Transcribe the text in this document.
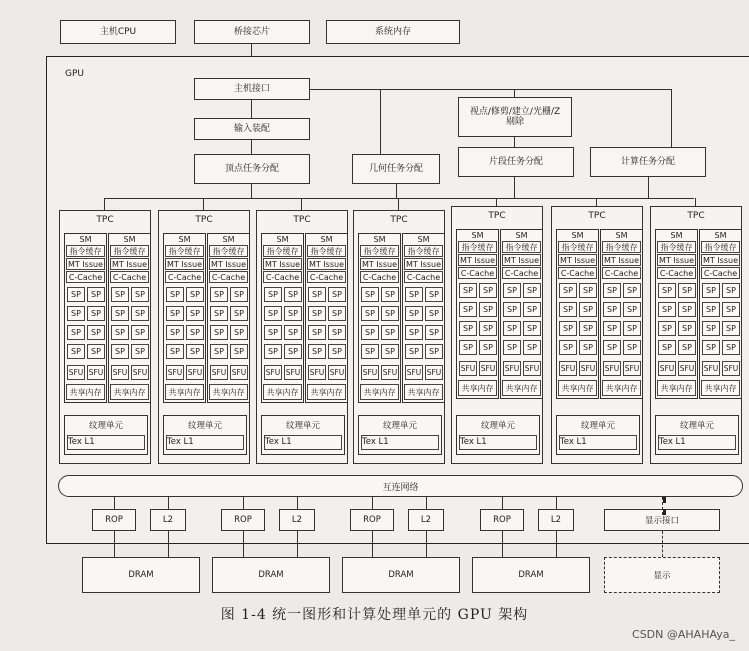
主机CPU	桥接芯片	系统内存
GPU
主机接口
输入装配
视点/修剪/建立/光栅/Z剔除
顶点任务分配	几何任务分配
片段任务分配	计算任务分配
互连网络
显示接口
显示
图 1-4 统一图形和计算处理单元的 GPU 架构
CSDN @AHAHAya_
TPC
SM
指令缓存
MT Issue
C-Cache
SP	SP
SP	SP
SP	SP
SP	SP
SFU SFU
共享内存
SM
指令缓存
MT Issue
C-Cache
SP	SP
SP	SP
SP	SP
SP	SP
SFU SFU
共享内存
纹理单元
Tex L1
TPC
SM
指令缓存
MT Issue
C-Cache
SP	SP
SP	SP
SP	SP
SP	SP
SFU SFU
共享内存
SM
指令缓存
MT Issue
C-Cache
SP	SP
SP	SP
SP	SP
SP	SP
SFU SFU
共享内存
纹理单元
Tex L1
TPC
SM
指令缓存
MT Issue
C-Cache
SP	SP
SP	SP
SP	SP
SP	SP
SFU SFU
共享内存
SM
指令缓存
MT Issue
C-Cache
SP	SP
SP	SP
SP	SP
SP	SP
SFU SFU
共享内存
纹理单元
Tex L1
TPC
SM
指令缓存
MT Issue
C-Cache
SP	SP
SP	SP
SP	SP
SP	SP
SFU SFU
共享内存
SM
指令缓存
MT Issue
C-Cache
SP	SP
SP	SP
SP	SP
SP	SP
SFU SFU
共享内存
纹理单元
Tex L1
TPC
SM
指令缓存
MT Issue
C-Cache
SP	SP
SP	SP
SP	SP
SP	SP
SFU SFU
共享内存
SM
指令缓存
MT Issue
C-Cache
SP	SP
SP	SP
SP	SP
SP	SP
SFU SFU
共享内存
纹理单元
Tex L1
TPC
SM
指令缓存
MT Issue
C-Cache
SP	SP
SP	SP
SP	SP
SP	SP
SFU SFU
共享内存
SM
指令缓存
MT Issue
C-Cache
SP	SP
SP	SP
SP	SP
SP	SP
SFU SFU
共享内存
纹理单元
Tex L1
TPC
SM
指令缓存
MT Issue
C-Cache
SP	SP
SP	SP
SP	SP
SP	SP
SFU SFU
共享内存
SM
指令缓存
MT Issue
C-Cache
SP	SP
SP	SP
SP	SP
SP	SP
SFU SFU
共享内存
纹理单元
Tex L1
ROP	L2
DRAM
ROP	L2
DRAM
ROP	L2
DRAM
ROP	L2
DRAM
